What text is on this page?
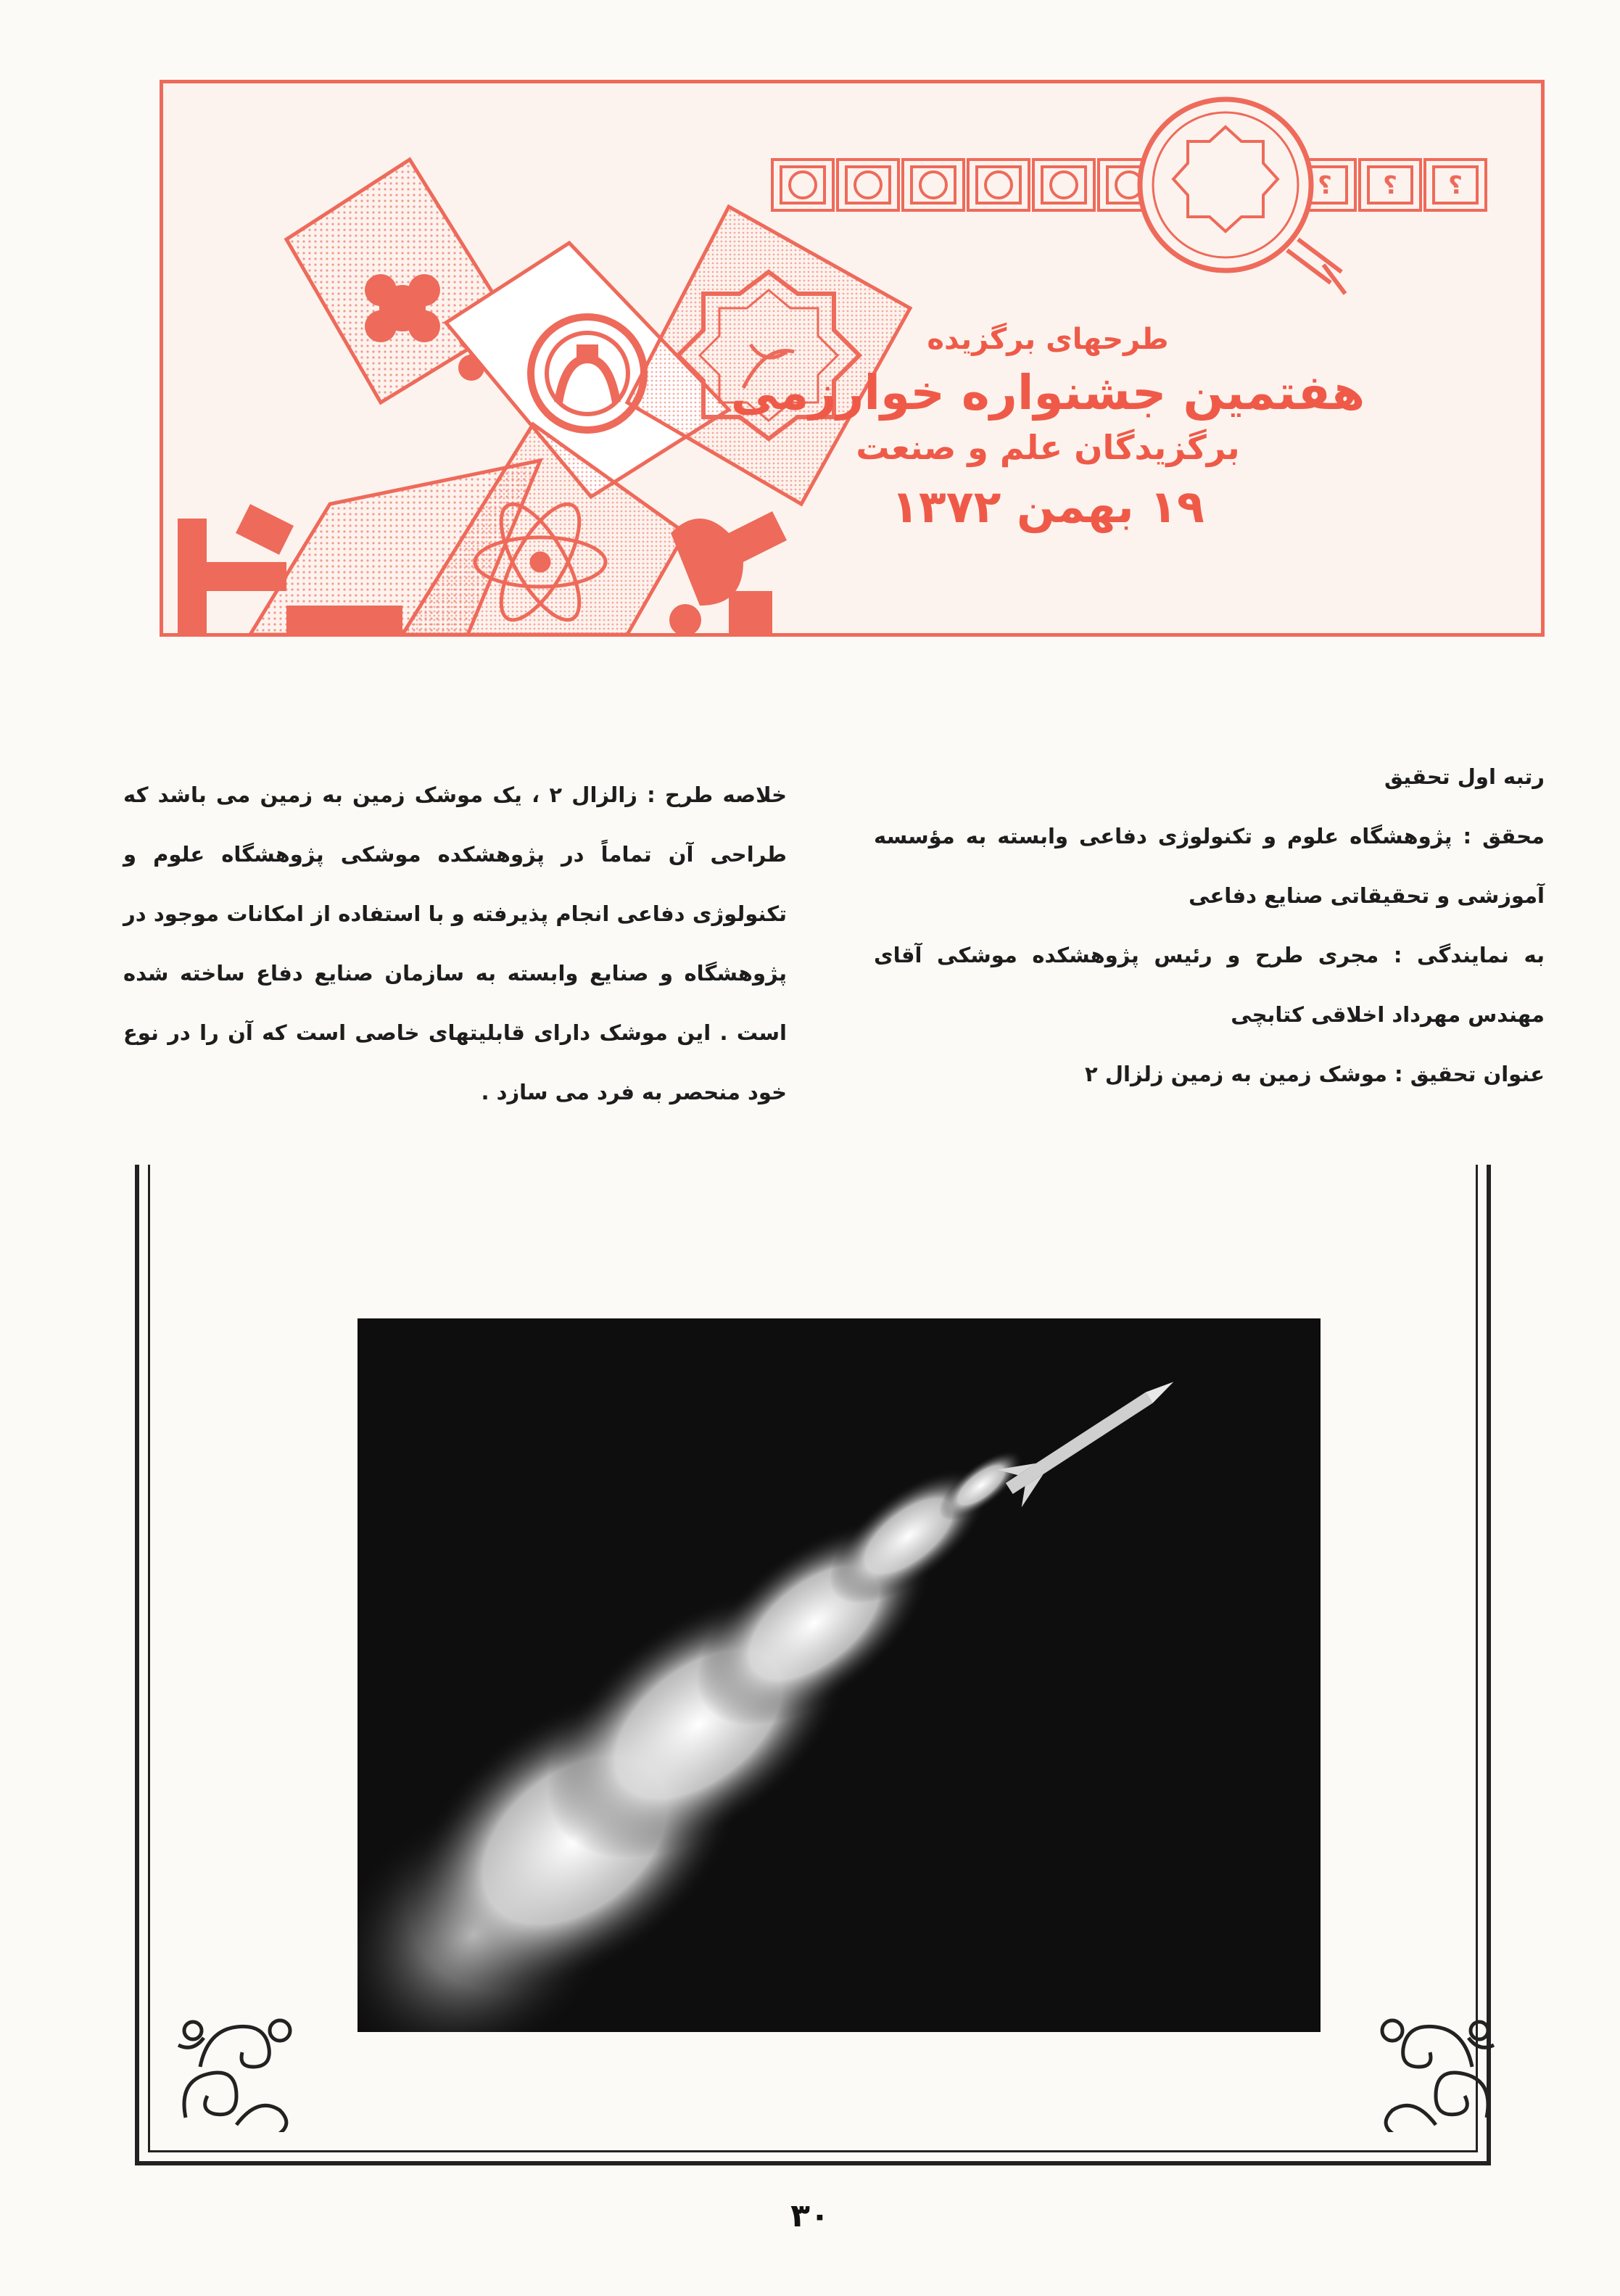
؟ ؟ ؟
طرحهای برگزیده
هفتمین جشنواره خوارزمی
برگزیدگان علم و صنعت
۱۹ بهمن ۱۳۷۲

رتبه اول تحقیق

محقق : پژوهشگاه علوم و تکنولوژی دفاعی وابسته به مؤسسه آموزشی و تحقیقاتی صنایع دفاعی

به نمایندگی : مجری طرح و رئیس پژوهشکده موشکی آقای مهندس مهرداد اخلاقی کتابچی

عنوان تحقیق : موشک زمین به زمین زلزال ۲

خلاصه طرح : زالزال ۲ ، یک موشک زمین به زمین می باشد که طراحی آن تماماً در پژوهشکده موشکی پژوهشگاه علوم و تکنولوژی دفاعی انجام پذیرفته و با استفاده از امکانات موجود در پژوهشگاه و صنایع وابسته به سازمان صنایع دفاع ساخته شده است . این موشک دارای قابلیتهای خاصی است که آن را در نوع خود منحصر به فرد می سازد .

۳۰
